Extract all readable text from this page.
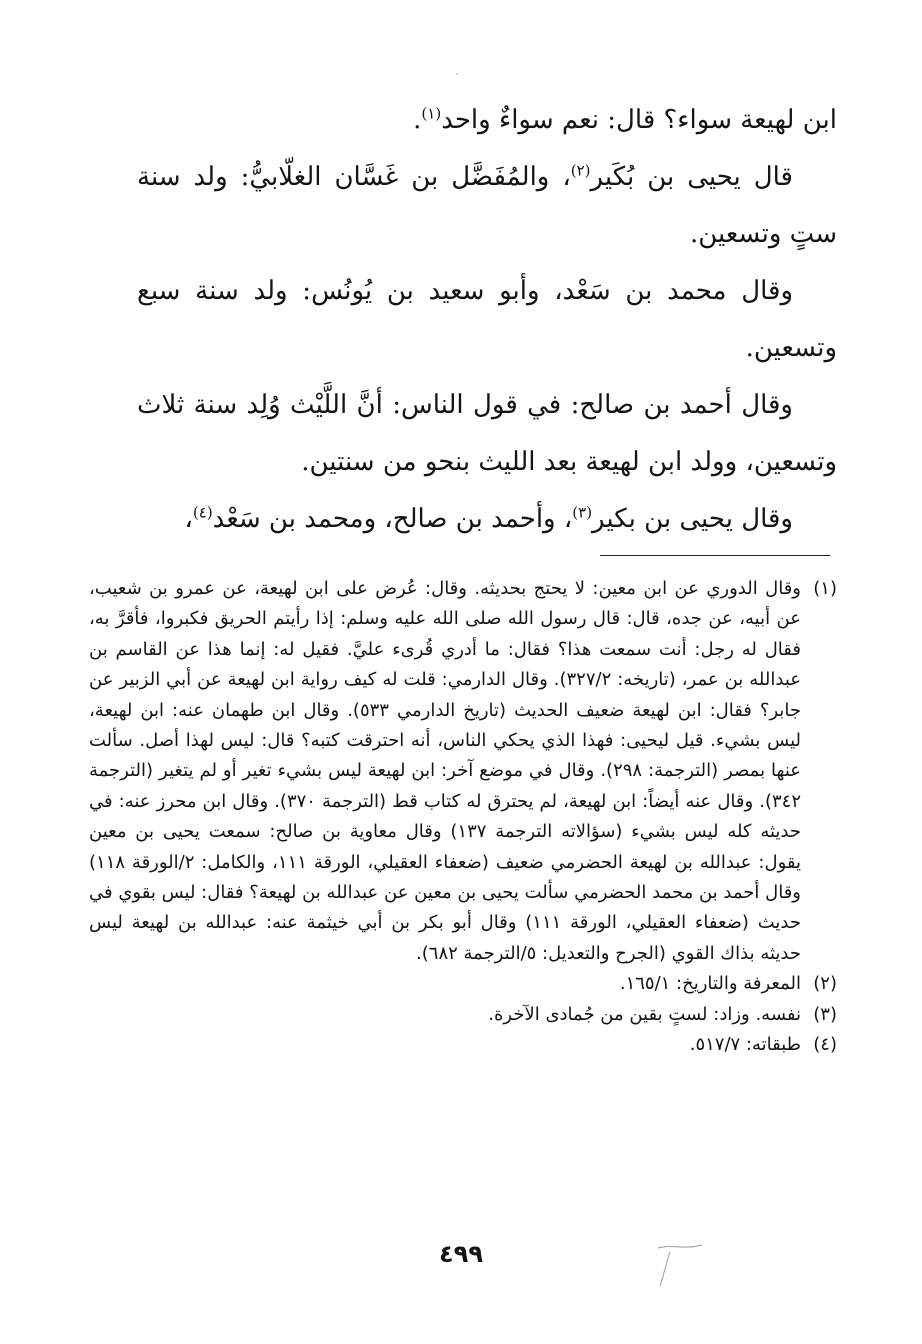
ابن لهيعة سواء؟ قال: نعم سواءٌ واحد$^{(١)}$.

قال يحيى بن بُكَير$^{(٢)}$، والمُفَضَّل بن غَسَّان الغلّابيُّ: ولد سنة ستٍ وتسعين.

وقال محمد بن سَعْد، وأبو سعيد بن يُونُس: ولد سنة سبع وتسعين.

وقال أحمد بن صالح: في قول الناس: أنَّ اللَّيْث وُلِد سنة ثلاث وتسعين، وولد ابن لهيعة بعد الليث بنحو من سنتين.

وقال يحيى بن بكير$^{(٣)}$، وأحمد بن صالح، ومحمد بن سَعْد$^{(٤)}$،

(١)
وقال الدوري عن ابن معين: لا يحتج بحديثه. وقال: عُرض على ابن لهيعة، عن عمرو بن شعيب، عن أبيه، عن جده، قال: قال رسول الله صلى الله عليه وسلم: إذا رأيتم الحريق فكبروا، فأقرَّ به، فقال له رجل: أنت سمعت هذا؟ فقال: ما أدري قُرىء عليَّ. فقيل له: إنما هذا عن القاسم بن عبدالله بن عمر، (تاريخه: ٣٢٧/٢). وقال الدارمي: قلت له كيف رواية ابن لهيعة عن أبي الزبير عن جابر؟ فقال: ابن لهيعة ضعيف الحديث (تاريخ الدارمي ٥٣٣). وقال ابن طهمان عنه: ابن لهيعة، ليس بشيء. قيل ليحيى: فهذا الذي يحكي الناس، أنه احترقت كتبه؟ قال: ليس لهذا أصل. سألت عنها بمصر (الترجمة: ٢٩٨). وقال في موضع آخر: ابن لهيعة ليس بشيء تغير أو لم يتغير (الترجمة ٣٤٢). وقال عنه أيضاً: ابن لهيعة، لم يحترق له كتاب قط (الترجمة ٣٧٠). وقال ابن محرز عنه: في حديثه كله ليس بشيء (سؤالاته الترجمة ١٣٧) وقال معاوية بن صالح: سمعت يحيى بن معين يقول: عبدالله بن لهيعة الحضرمي ضعيف (ضعفاء العقيلي، الورقة ١١١، والكامل: ٢/الورقة ١١٨) وقال أحمد بن محمد الحضرمي سألت يحيى بن معين عن عبدالله بن لهيعة؟ فقال: ليس بقوي في حديث (ضعفاء العقيلي، الورقة ١١١) وقال أبو بكر بن أبي خيثمة عنه: عبدالله بن لهيعة ليس حديثه بذاك القوي (الجرح والتعديل: ٥/الترجمة ٦٨٢).
(٢)
المعرفة والتاريخ: ١٦٥/١.
(٣)
نفسه. وزاد: لستٍ بقين من جُمادى الآخرة.
(٤)
طبقاته: ٥١٧/٧.
٤٩٩
